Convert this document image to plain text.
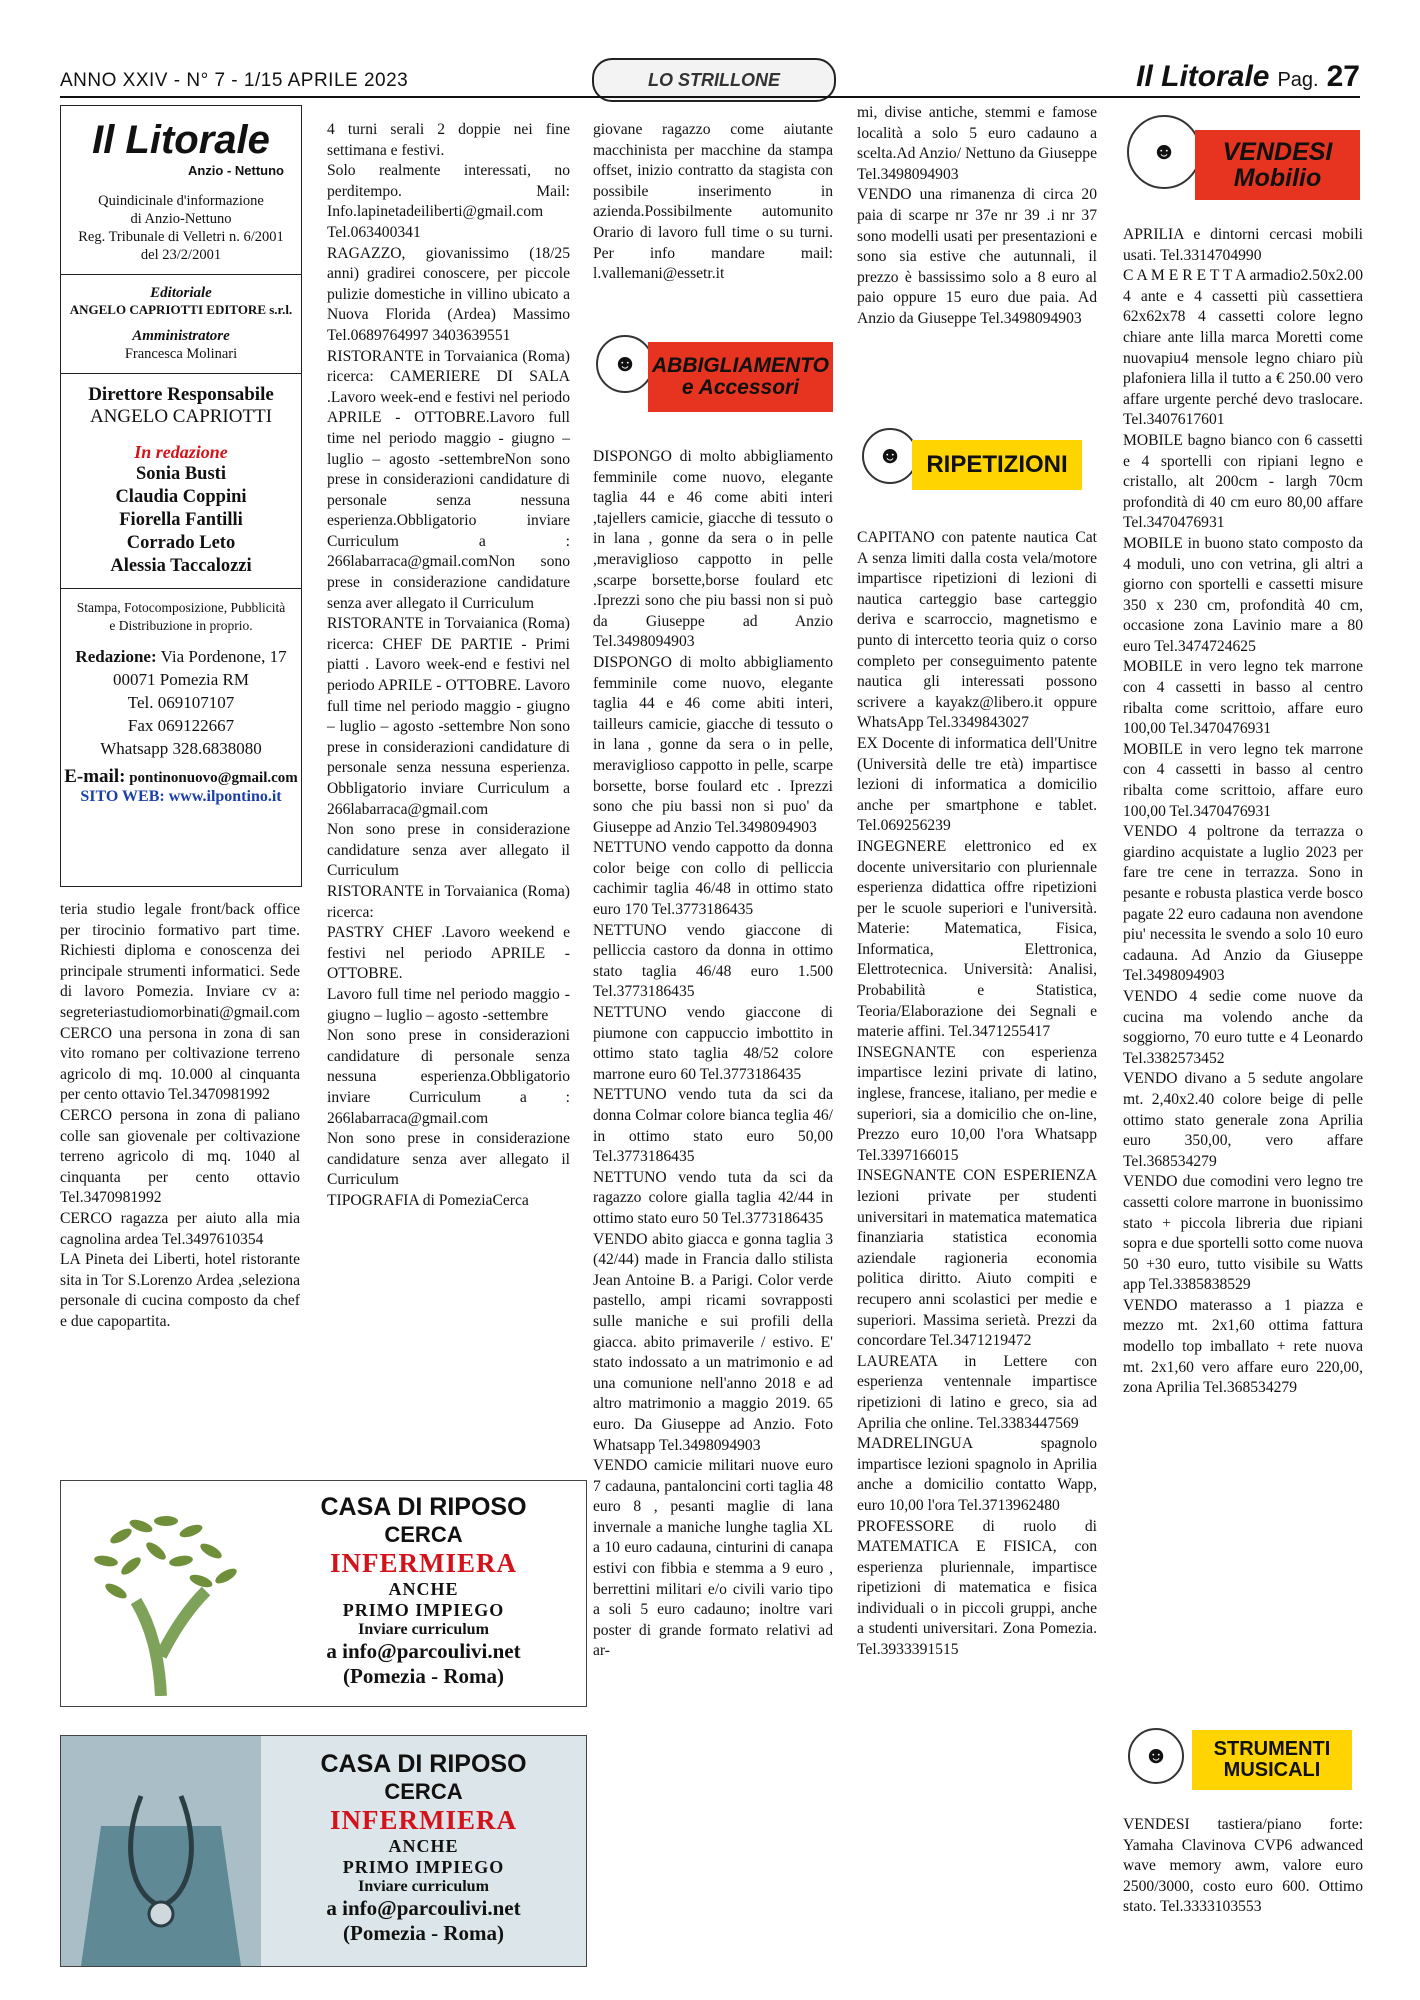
ANNO XXIV - N° 7 - 1/15 APRILE 2023	LO STRILLONE	Il Litorale Pag. 27
Il Litorale
Anzio - Nettuno
Quindicinale d'informazione
di Anzio-Nettuno
Reg. Tribunale di Velletri n. 6/2001
del 23/2/2001
Editoriale
ANGELO CAPRIOTTI EDITORE s.r.l.
Amministratore
Francesca Molinari
Direttore Responsabile
ANGELO CAPRIOTTI
In redazione
Sonia Busti
Claudia Coppini
Fiorella Fantilli
Corrado Leto
Alessia Taccalozzi
Stampa, Fotocomposizione, Pubblicità
e Distribuzione in proprio.
Redazione: Via Pordenone, 17
00071 Pomezia RM
Tel. 069107107
Fax 069122667
Whatsapp 328.6838080
E-mail: pontinonuovo@gmail.com
SITO WEB: www.ilpontino.it

teria studio legale front/back office per tirocinio formativo part time. Richiesti diploma e conoscenza dei principale strumenti informatici. Sede di lavoro Pomezia. Inviare cv a: segreteriastudiomorbinati@gmail.com
CERCO una persona in zona di san vito romano per coltivazione terreno agricolo di mq. 10.000 al cinquanta per cento ottavio Tel.3470981992
CERCO persona in zona di paliano colle san giovenale per coltivazione terreno agricolo di mq. 1040 al cinquanta per cento ottavio Tel.3470981992
CERCO ragazza per aiuto alla mia cagnolina ardea Tel.3497610354
LA Pineta dei Liberti, hotel ristorante sita in Tor S.Lorenzo Ardea ,seleziona personale di cucina composto da chef e due capopartita.

4 turni serali 2 doppie nei fine settimana e festivi.
Solo realmente interessati, no perditempo. Mail: Info.lapinetadeiliberti@gmail.com Tel.063400341
RAGAZZO, giovanissimo (18/25 anni) gradirei conoscere, per piccole pulizie domestiche in villino ubicato a Nuova Florida (Ardea) Massimo Tel.0689764997 3403639551
RISTORANTE in Torvaianica (Roma) ricerca: CAMERIERE DI SALA .Lavoro week-end e festivi nel periodo APRILE - OTTOBRE.Lavoro full time nel periodo maggio - giugno – luglio – agosto -settembreNon sono prese in considerazioni candidature di personale senza nessuna esperienza.Obbligatorio inviare Curriculum a : 266labarraca@gmail.comNon sono prese in considerazione candidature senza aver allegato il Curriculum
RISTORANTE in Torvaianica (Roma) ricerca: CHEF DE PARTIE - Primi piatti . Lavoro week-end e festivi nel periodo APRILE - OTTOBRE. Lavoro full time nel periodo maggio - giugno – luglio – agosto -settembre Non sono prese in considerazioni candidature di personale senza nessuna esperienza. Obbligatorio inviare Curriculum a 266labarraca@gmail.com
Non sono prese in considerazione candidature senza aver allegato il Curriculum
RISTORANTE in Torvaianica (Roma) ricerca:
PASTRY CHEF .Lavoro weekend e festivi nel periodo APRILE - OTTOBRE.
Lavoro full time nel periodo maggio - giugno – luglio – agosto -settembre
Non sono prese in considerazioni candidature di personale senza nessuna esperienza.Obbligatorio inviare Curriculum a : 266labarraca@gmail.com
Non sono prese in considerazione candidature senza aver allegato il Curriculum
TIPOGRAFIA di PomeziaCerca

giovane ragazzo come aiutante macchinista per macchine da stampa offset, inizio contratto da stagista con possibile inserimento in azienda.Possibilmente automunito Orario di lavoro full time o su turni. Per info mandare mail: l.vallemani@essetr.it

☻ ABBIGLIAMENTO
e Accessori

DISPONGO di molto abbigliamento femminile come nuovo, elegante taglia 44 e 46 come abiti interi ,tajellers camicie, giacche di tessuto o in lana , gonne da sera o in pelle ,meraviglioso cappotto in pelle ,scarpe borsette,borse foulard etc .Iprezzi sono che piu bassi non si può da Giuseppe ad Anzio Tel.3498094903
DISPONGO di molto abbigliamento femminile come nuovo, elegante taglia 44 e 46 come abiti interi, tailleurs camicie, giacche di tessuto o in lana , gonne da sera o in pelle, meraviglioso cappotto in pelle, scarpe borsette, borse foulard etc . Iprezzi sono che piu bassi non si puo' da Giuseppe ad Anzio Tel.3498094903
NETTUNO vendo cappotto da donna color beige con collo di pelliccia cachimir taglia 46/48 in ottimo stato euro 170 Tel.3773186435
NETTUNO vendo giaccone di pelliccia castoro da donna in ottimo stato taglia 46/48 euro 1.500 Tel.3773186435
NETTUNO vendo giaccone di piumone con cappuccio imbottito in ottimo stato taglia 48/52 colore marrone euro 60 Tel.3773186435
NETTUNO vendo tuta da sci da donna Colmar colore bianca teglia 46/ in ottimo stato euro 50,00 Tel.3773186435
NETTUNO vendo tuta da sci da ragazzo colore gialla taglia 42/44 in ottimo stato euro 50 Tel.3773186435
VENDO abito giacca e gonna taglia 3 (42/44) made in Francia dallo stilista Jean Antoine B. a Parigi. Color verde pastello, ampi ricami sovrapposti sulle maniche e sui profili della giacca. abito primaverile / estivo. E' stato indossato a un matrimonio e ad una comunione nell'anno 2018 e ad altro matrimonio a maggio 2019. 65 euro. Da Giuseppe ad Anzio. Foto Whatsapp Tel.3498094903
VENDO camicie militari nuove euro 7 cadauna, pantaloncini corti taglia 48 euro 8 , pesanti maglie di lana invernale a maniche lunghe taglia XL a 10 euro cadauna, cinturini di canapa estivi con fibbia e stemma a 9 euro , berrettini militari e/o civili vario tipo a soli 5 euro cadauno; inoltre vari poster di grande formato relativi ad ar-

mi, divise antiche, stemmi e famose località a solo 5 euro cadauno a scelta.Ad Anzio/ Nettuno da Giuseppe Tel.3498094903
VENDO una rimanenza di circa 20 paia di scarpe nr 37e nr 39 .i nr 37 sono modelli usati per presentazioni e sono sia estive che autunnali, il prezzo è bassissimo solo a 8 euro al paio oppure 15 euro due paia. Ad Anzio da Giuseppe Tel.3498094903

☻ RIPETIZIONI

CAPITANO con patente nautica Cat A senza limiti dalla costa vela/motore impartisce ripetizioni di lezioni di nautica carteggio base carteggio deriva e scarroccio, magnetismo e punto di intercetto teoria quiz o corso completo per conseguimento patente nautica gli interessati possono scrivere a kayakz@libero.it oppure WhatsApp Tel.3349843027
EX Docente di informatica dell'Unitre (Università delle tre età) impartisce lezioni di informatica a domicilio anche per smartphone e tablet. Tel.069256239
INGEGNERE elettronico ed ex docente universitario con pluriennale esperienza didattica offre ripetizioni per le scuole superiori e l'università. Materie: Matematica, Fisica, Informatica, Elettronica, Elettrotecnica. Università: Analisi, Probabilità e Statistica, Teoria/Elaborazione dei Segnali e materie affini. Tel.3471255417
INSEGNANTE con esperienza impartisce lezini private di latino, inglese, francese, italiano, per medie e superiori, sia a domicilio che on-line, Prezzo euro 10,00 l'ora Whatsapp Tel.3397166015
INSEGNANTE CON ESPERIENZA lezioni private per studenti universitari in matematica matematica finanziaria statistica economia aziendale ragioneria economia politica diritto. Aiuto compiti e recupero anni scolastici per medie e superiori. Massima serietà. Prezzi da concordare Tel.3471219472
LAUREATA in Lettere con esperienza ventennale impartisce ripetizioni di latino e greco, sia ad Aprilia che online. Tel.3383447569
MADRELINGUA spagnolo impartisce lezioni spagnolo in Aprilia anche a domicilio contatto Wapp, euro 10,00 l'ora Tel.3713962480
PROFESSORE di ruolo di MATEMATICA E FISICA, con esperienza pluriennale, impartisce ripetizioni di matematica e fisica individuali o in piccoli gruppi, anche a studenti universitari. Zona Pomezia. Tel.3933391515

☻	VENDESI
Mobilio

APRILIA e dintorni cercasi mobili usati. Tel.3314704990
C A M E R E T T A armadio2.50x2.00 4 ante e 4 cassetti più cassettiera 62x62x78 4 cassetti colore legno chiare ante lilla marca Moretti come nuovapiu4 mensole legno chiaro più plafoniera lilla il tutto a € 250.00 vero affare urgente perché devo traslocare. Tel.3407617601
MOBILE bagno bianco con 6 cassetti e 4 sportelli con ripiani legno e cristallo, alt 200cm - largh 70cm profondità di 40 cm euro 80,00 affare Tel.3470476931
MOBILE in buono stato composto da 4 moduli, uno con vetrina, gli altri a giorno con sportelli e cassetti misure 350 x 230 cm, profondità 40 cm, occasione zona Lavinio mare a 80 euro Tel.3474724625
MOBILE in vero legno tek marrone con 4 cassetti in basso al centro ribalta come scrittoio, affare euro 100,00 Tel.3470476931
MOBILE in vero legno tek marrone con 4 cassetti in basso al centro ribalta come scrittoio, affare euro 100,00 Tel.3470476931
VENDO 4 poltrone da terrazza o giardino acquistate a luglio 2023 per fare tre cene in terrazza. Sono in pesante e robusta plastica verde bosco pagate 22 euro cadauna non avendone piu' necessita le svendo a solo 10 euro cadauna. Ad Anzio da Giuseppe Tel.3498094903
VENDO 4 sedie come nuove da cucina ma volendo anche da soggiorno, 70 euro tutte e 4 Leonardo Tel.3382573452
VENDO divano a 5 sedute angolare mt. 2,40x2.40 colore beige di pelle ottimo stato generale zona Aprilia euro 350,00, vero affare Tel.368534279
VENDO due comodini vero legno tre cassetti colore marrone in buonissimo stato + piccola libreria due ripiani sopra e due sportelli sotto come nuova 50 +30 euro, tutto visibile su Watts app Tel.3385838529
VENDO materasso a 1 piazza e mezzo mt. 2x1,60 ottima fattura modello top imballato + rete nuova mt. 2x1,60 vero affare euro 220,00, zona Aprilia Tel.368534279

☻	STRUMENTI
MUSICALI

VENDESI tastiera/piano forte: Yamaha Clavinova CVP6 adwanced wave memory awm, valore euro 2500/3000, costo euro 600. Ottimo stato. Tel.3333103553

CASA DI RIPOSO
CERCA
INFERMIERA
ANCHE
PRIMO IMPIEGO
Inviare curriculum
a info@parcoulivi.net
(Pomezia - Roma)
CASA DI RIPOSO
CERCA
INFERMIERA
ANCHE
PRIMO IMPIEGO
Inviare curriculum
a info@parcoulivi.net
(Pomezia - Roma)
